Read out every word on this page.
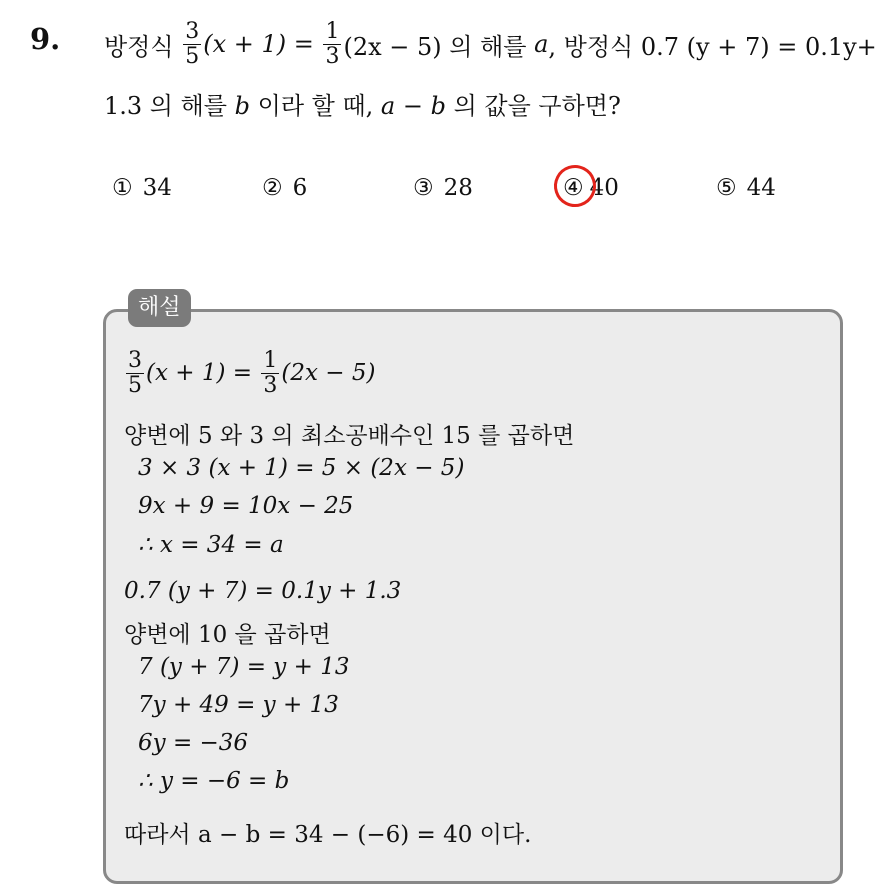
9. 방정식
$\frac{3}{5} (x + 1)$ =
$\frac{1}{3} (2x - 5)$ 의 해를
a , 방정식 0.7 (y + 7) = 0.1y+
1.3 의 해를 b 이라 할 때, a − b 의 값을 구하면?
① 34	② 6	③ 28	④ 40	⑤ 44
해설
$\frac{3}{5} (x + 1)$ =
$\frac{1}{3} (2x - 5)$
양변에 5 와 3 의 최소공배수인 15 를 곱하면
3 × 3 (x + 1) = 5 × (2x − 5)
9x + 9 = 10x − 25
∴ x = 34 = a
0.7 (y + 7) = 0.1y + 1.3
양변에 10 을 곱하면
7 (y + 7) = y + 13
7y + 49 = y + 13
6y = −36
∴ y = −6 = b
따라서 a − b = 34 − (−6) = 40 이다.
